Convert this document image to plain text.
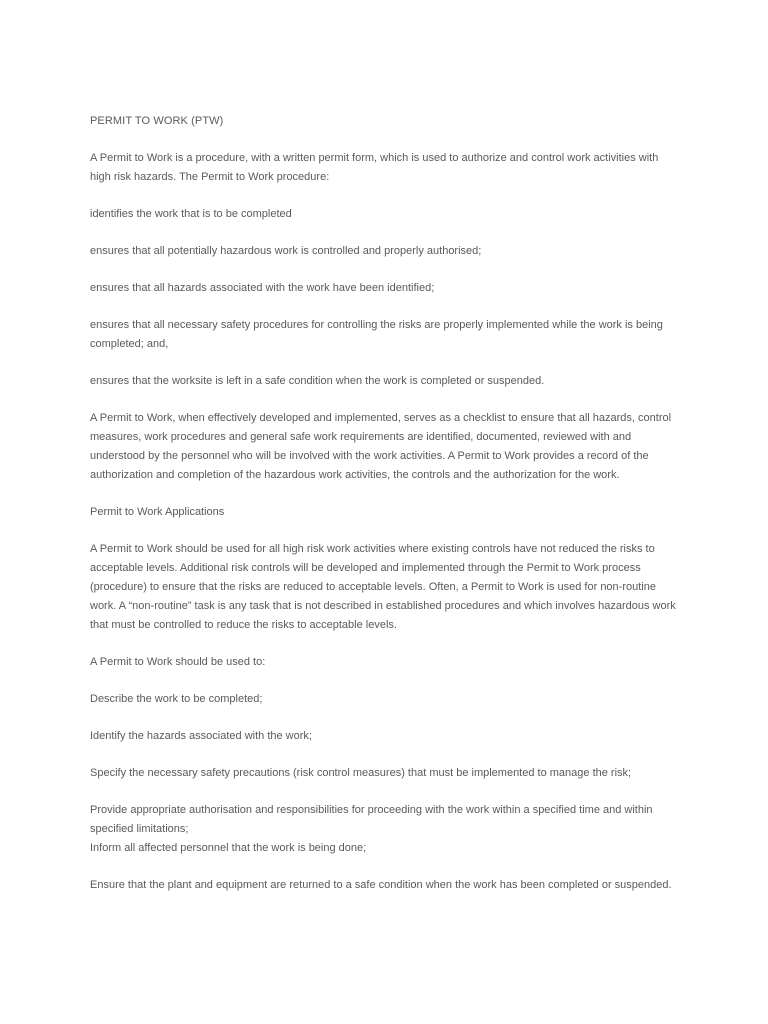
PERMIT TO WORK (PTW)

A Permit to Work is a procedure, with a written permit form, which is used to authorize and control work activities with high risk hazards. The Permit to Work procedure:

identifies the work that is to be completed

ensures that all potentially hazardous work is controlled and properly authorised;

ensures that all hazards associated with the work have been identified;

ensures that all necessary safety procedures for controlling the risks are properly implemented while the work is being completed; and,

ensures that the worksite is left in a safe condition when the work is completed or suspended.

A Permit to Work, when effectively developed and implemented, serves as a checklist to ensure that all hazards, control measures, work procedures and general safe work requirements are identified, documented, reviewed with and understood by the personnel who will be involved with the work activities. A Permit to Work provides a record of the authorization and completion of the hazardous work activities, the controls and the authorization for the work.

Permit to Work Applications

A Permit to Work should be used for all high risk work activities where existing controls have not reduced the risks to acceptable levels. Additional risk controls will be developed and implemented through the Permit to Work process (procedure) to ensure that the risks are reduced to acceptable levels. Often, a Permit to Work is used for non-routine work. A “non-routine” task is any task that is not described in established procedures and which involves hazardous work that must be controlled to reduce the risks to acceptable levels.

A Permit to Work should be used to:

Describe the work to be completed;

Identify the hazards associated with the work;

Specify the necessary safety precautions (risk control measures) that must be implemented to manage the risk;

Provide appropriate authorisation and responsibilities for proceeding with the work within a specified time and within specified limitations;

Inform all affected personnel that the work is being done;

Ensure that the plant and equipment are returned to a safe condition when the work has been completed or suspended.
